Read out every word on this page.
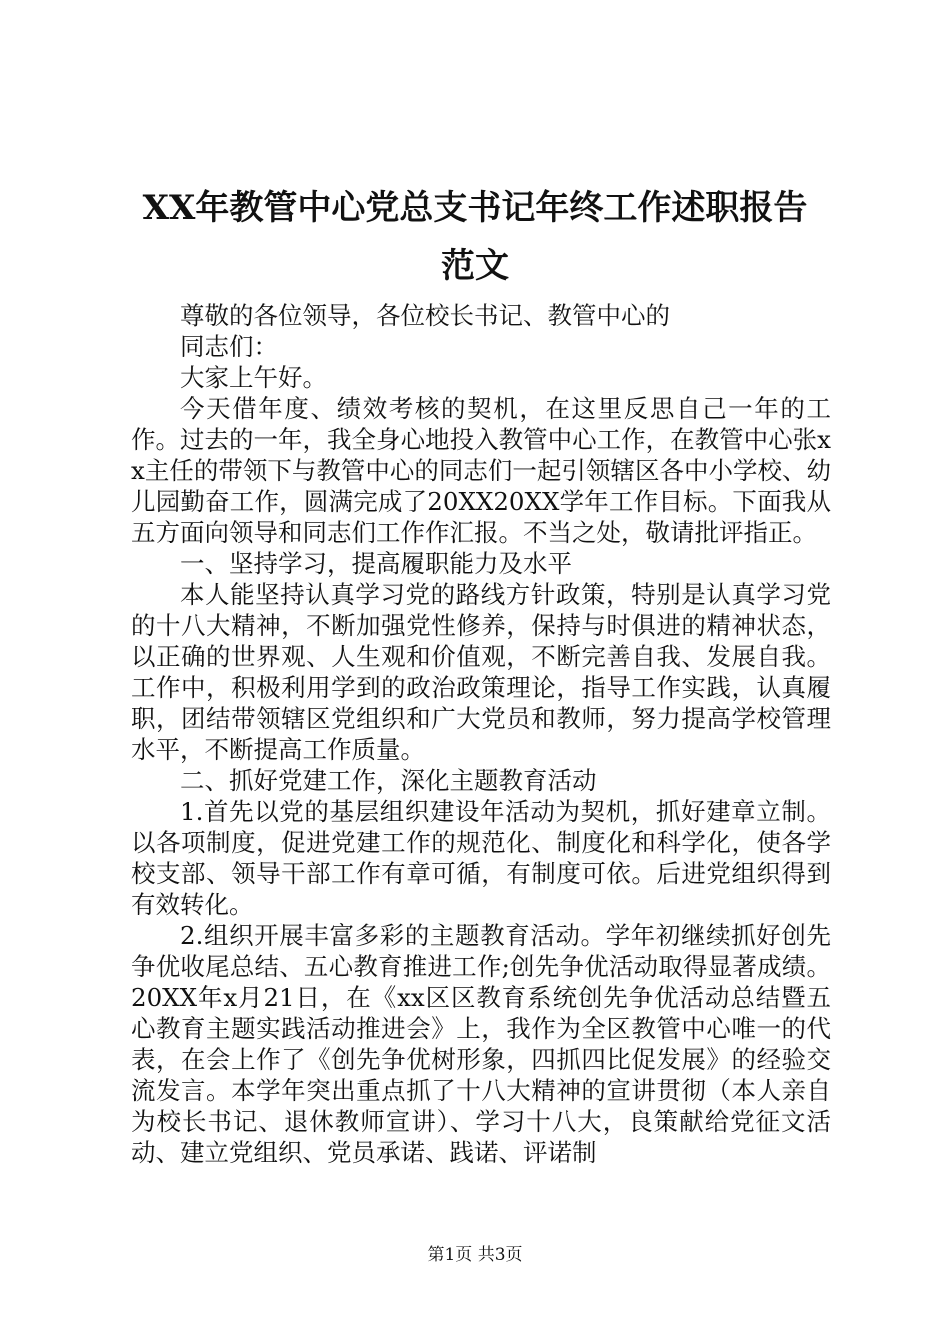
XX年教管中心党总支书记年终工作述职报告
范文

尊敬的各位领导，各位校长书记、教管中心的

同志们：

大家上午好。

今天借年度、绩效考核的契机，在这里反思自己一年的工作。过去的一年，我全身心地投入教管中心工作，在教管中心张xx主任的带领下与教管中心的同志们一起引领辖区各中小学校、幼儿园勤奋工作，圆满完成了20XX20XX学年工作目标。下面我从五方面向领导和同志们工作作汇报。不当之处，敬请批评指正。

一、坚持学习，提高履职能力及水平

本人能坚持认真学习党的路线方针政策，特别是认真学习党的十八大精神，不断加强党性修养，保持与时俱进的精神状态，以正确的世界观、人生观和价值观，不断完善自我、发展自我。工作中，积极利用学到的政治政策理论，指导工作实践，认真履职，团结带领辖区党组织和广大党员和教师，努力提高学校管理水平，不断提高工作质量。

二、抓好党建工作，深化主题教育活动

1.首先以党的基层组织建设年活动为契机，抓好建章立制。以各项制度，促进党建工作的规范化、制度化和科学化，使各学校支部、领导干部工作有章可循，有制度可依。后进党组织得到有效转化。

2.组织开展丰富多彩的主题教育活动。学年初继续抓好创先争优收尾总结、五心教育推进工作;创先争优活动取得显著成绩。20XX年x月21日，在《xx区区教育系统创先争优活动总结暨五心教育主题实践活动推进会》上，我作为全区教管中心唯一的代表，在会上作了《创先争优树形象，四抓四比促发展》的经验交流发言。本学年突出重点抓了十八大精神的宣讲贯彻（本人亲自为校长书记、退休教师宣讲）、学习十八大，良策献给党征文活动、建立党组织、党员承诺、践诺、评诺制

第1页 共3页
